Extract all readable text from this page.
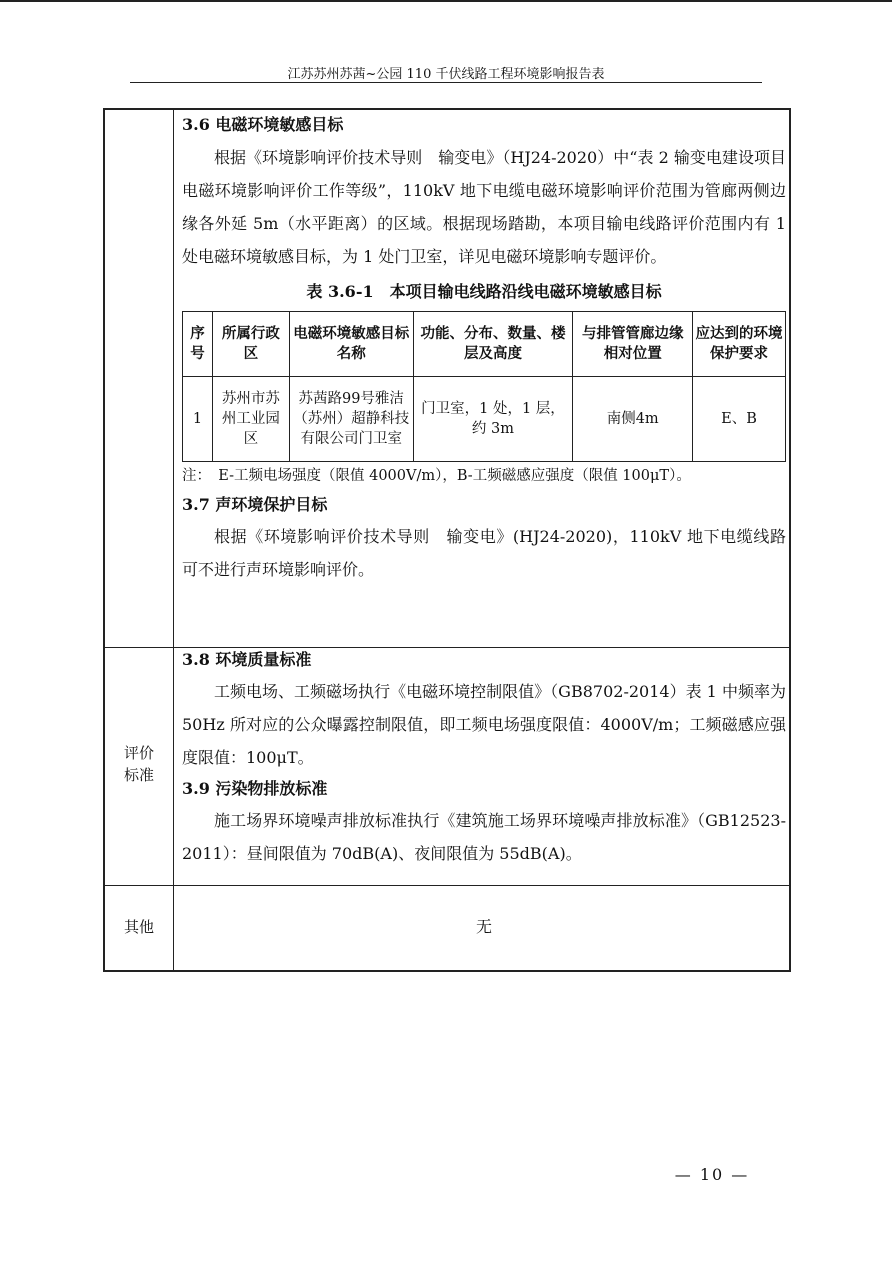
江苏苏州苏茜~公园 110 千伏线路工程环境影响报告表
评价
标准
其他
3.6 电磁环境敏感目标
根据《环境影响评价技术导则　输变电》（HJ24-2020）中“表 2 输变电建设项目电磁环境影响评价工作等级”，110kV 地下电缆电磁环境影响评价范围为管廊两侧边缘各外延 5m（水平距离）的区域。根据现场踏勘，本项目输电线路评价范围内有 1 处电磁环境敏感目标，为 1 处门卫室，详见电磁环境影响专题评价。
表 3.6-1　本项目输电线路沿线电磁环境敏感目标
序号	所属行政区	电磁环境敏感目标名称	功能、分布、数量、楼层及高度	与排管管廊边缘相对位置	应达到的环境保护要求
1	苏州市苏州工业园区	苏茜路99号雅洁（苏州）超静科技有限公司门卫室	门卫室，1 处，1 层，约 3m	南侧4m	E、B
注：　E-工频电场强度（限值 4000V/m），B-工频磁感应强度（限值 100μT）。
3.7 声环境保护目标
根据《环境影响评价技术导则　输变电》(HJ24-2020)，110kV 地下电缆线路可不进行声环境影响评价。
3.8 环境质量标准
工频电场、工频磁场执行《电磁环境控制限值》（GB8702-2014）表 1 中频率为 50Hz 所对应的公众曝露控制限值，即工频电场强度限值：4000V/m；工频磁感应强度限值：100μT。
3.9 污染物排放标准
施工场界环境噪声排放标准执行《建筑施工场界环境噪声排放标准》（GB12523-2011）：昼间限值为 70dB(A)、夜间限值为 55dB(A)。
无
— 10 —
